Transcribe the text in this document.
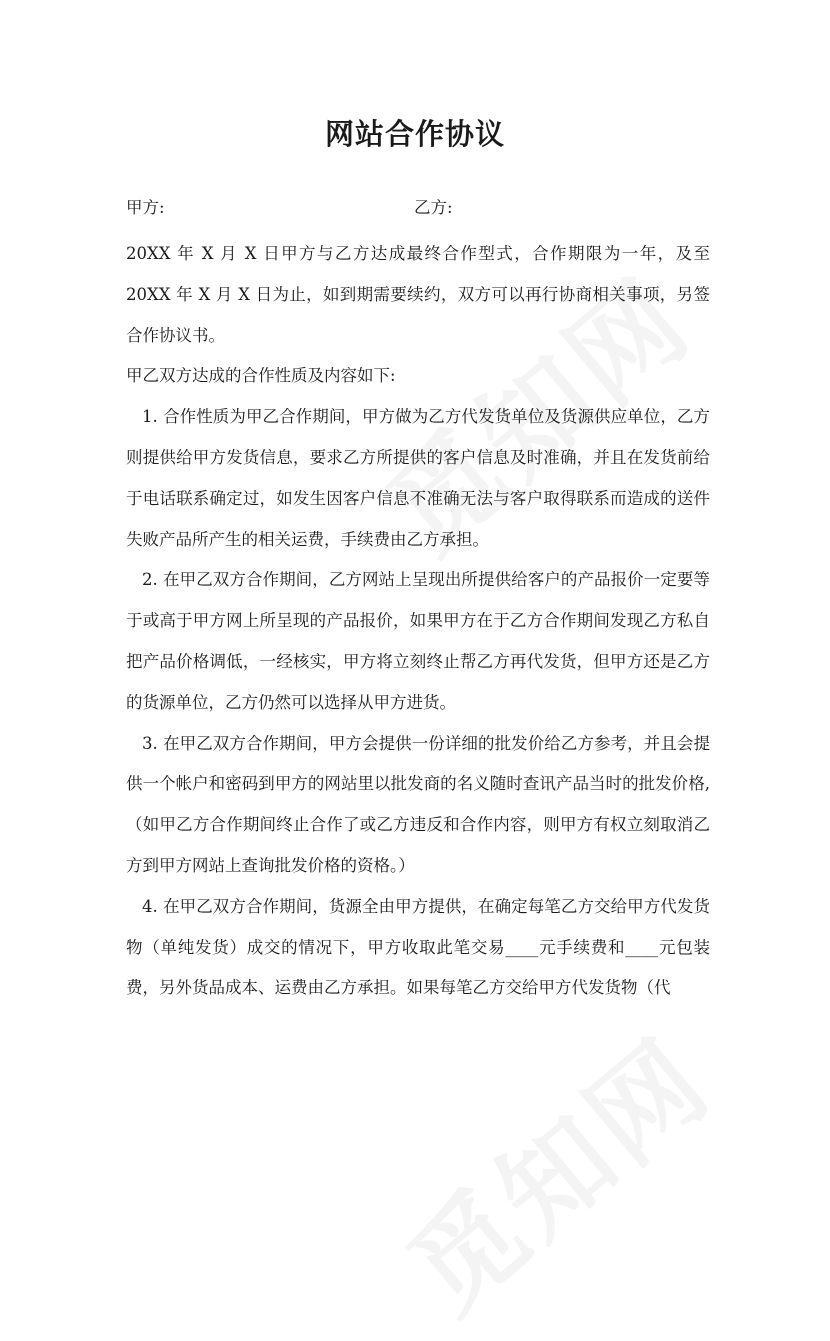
网站合作协议
甲方:	乙方:

20XX 年 X 月 X 日甲方与乙方达成最终合作型式，合作期限为一年，及至 20XX 年 X 月 X 日为止，如到期需要续约，双方可以再行协商相关事项，另签合作协议书。

甲乙双方达成的合作性质及内容如下:

1. 合作性质为甲乙合作期间，甲方做为乙方代发货单位及货源供应单位，乙方则提供给甲方发货信息，要求乙方所提供的客户信息及时准确，并且在发货前给于电话联系确定过，如发生因客户信息不准确无法与客户取得联系而造成的送件失败产品所产生的相关运费，手续费由乙方承担。

2. 在甲乙双方合作期间，乙方网站上呈现出所提供给客户的产品报价一定要等于或高于甲方网上所呈现的产品报价，如果甲方在于乙方合作期间发现乙方私自把产品价格调低，一经核实，甲方将立刻终止帮乙方再代发货，但甲方还是乙方的货源单位，乙方仍然可以选择从甲方进货。

3. 在甲乙双方合作期间，甲方会提供一份详细的批发价给乙方参考，并且会提供一个帐户和密码到甲方的网站里以批发商的名义随时查讯产品当时的批发价格,（如甲乙方合作期间终止合作了或乙方违反和合作内容，则甲方有权立刻取消乙方到甲方网站上查询批发价格的资格。）

4. 在甲乙双方合作期间，货源全由甲方提供，在确定每笔乙方交给甲方代发货物（单纯发货）成交的情况下，甲方收取此笔交易____元手续费和____元包装费，另外货品成本、运费由乙方承担。如果每笔乙方交给甲方代发货物（代
